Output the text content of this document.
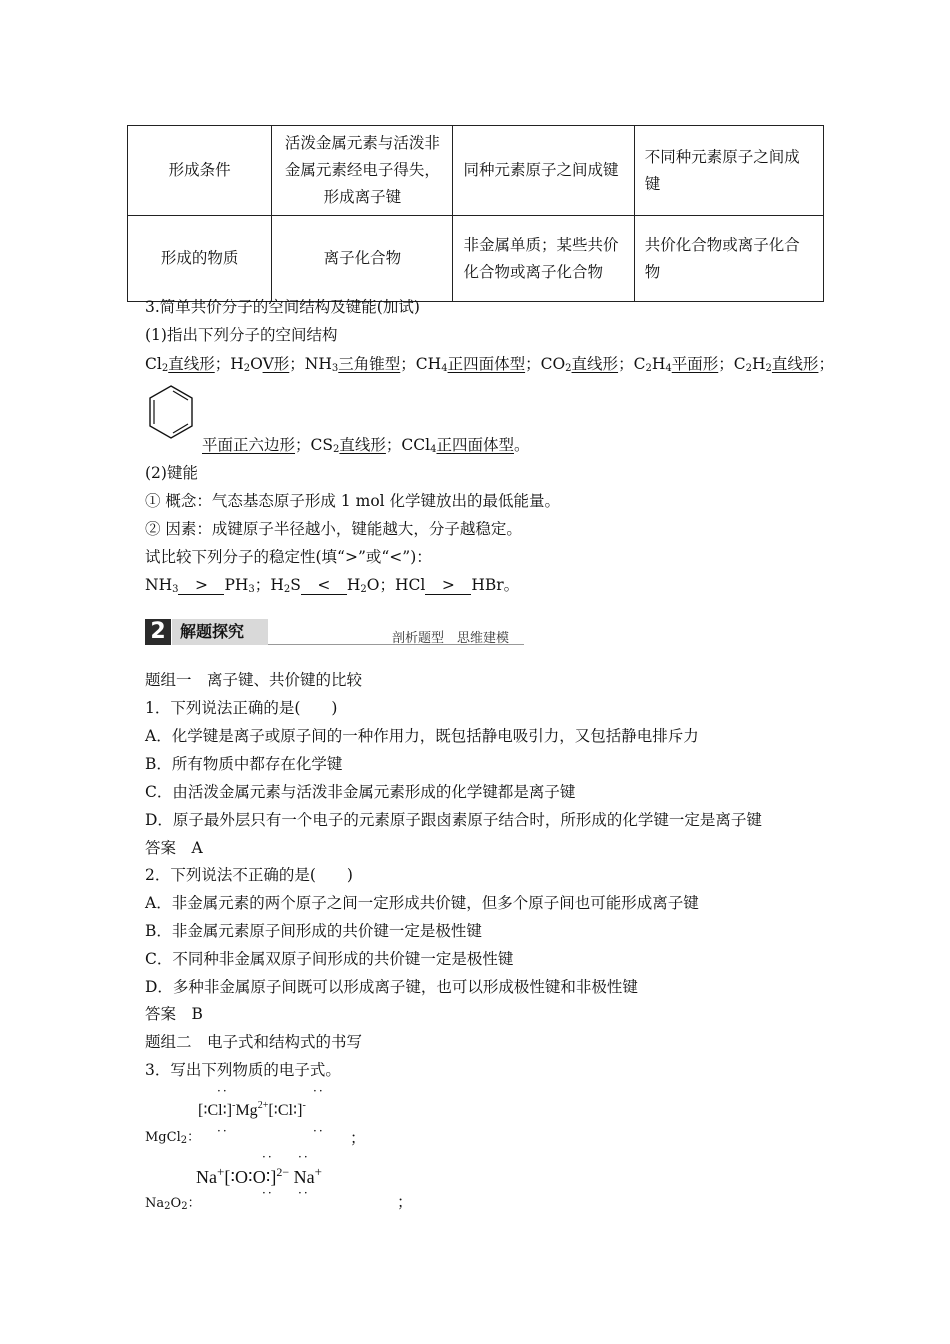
形成条件	活泼金属元素与活泼非金属元素经电子得失，形成离子键	同种元素原子之间成键	不同种元素原子之间成键
形成的物质	离子化合物	非金属单质；某些共价化合物或离子化合物	共价化合物或离子化合物
3.简单共价分子的空间结构及键能(加试)
(1)指出下列分子的空间结构
$Cl_2$直线形；$H_2OV$形；$NH_3$三角锥型；$CH_4$正四面体型；$CO_2$直线形；$C_2H_4$平面形；$C_2H_2$直线形；
平面正六边形；$CS_2$直线形；CCl$_4$正四面体型。
(2)键能
① 概念：气态基态原子形成 1 mol 化学键放出的最低能量。
② 因素：成键原子半径越小，键能越大，分子越稳定。
试比较下列分子的稳定性(填“>”或“<”)：
$NH_3 > PH_3$；$H_2S < H_2O$；HCl > HBr。
2 解题探究	剖析题型　思维建模
题组一　离子键、共价键的比较
1．下列说法正确的是(　　)
A．化学键是离子或原子间的一种作用力，既包括静电吸引力，又包括静电排斥力
B．所有物质中都存在化学键
C．由活泼金属元素与活泼非金属元素形成的化学键都是离子键
D．原子最外层只有一个电子的元素原子跟卤素原子结合时，所形成的化学键一定是离子键
答案　A
2．下列说法不正确的是(　　)
A．非金属元素的两个原子之间一定形成共价键，但多个原子间也可能形成离子键
B．非金属元素原子间形成的共价键一定是极性键
C．不同种非金属双原子间形成的共价键一定是极性键
D．多种非金属原子间既可以形成离子键，也可以形成极性键和非极性键
答案　B
题组二　电子式和结构式的书写
3．写出下列物质的电子式。
MgCl$_2$：
··	··
$[∶Cl∶]^-Mg^{2+}[∶Cl∶]^-$
··	·· ；
$Na_2O_2$：
·· ··
Na+[∶O∶O∶]$^{2-}$ Na+
·· ··	；
